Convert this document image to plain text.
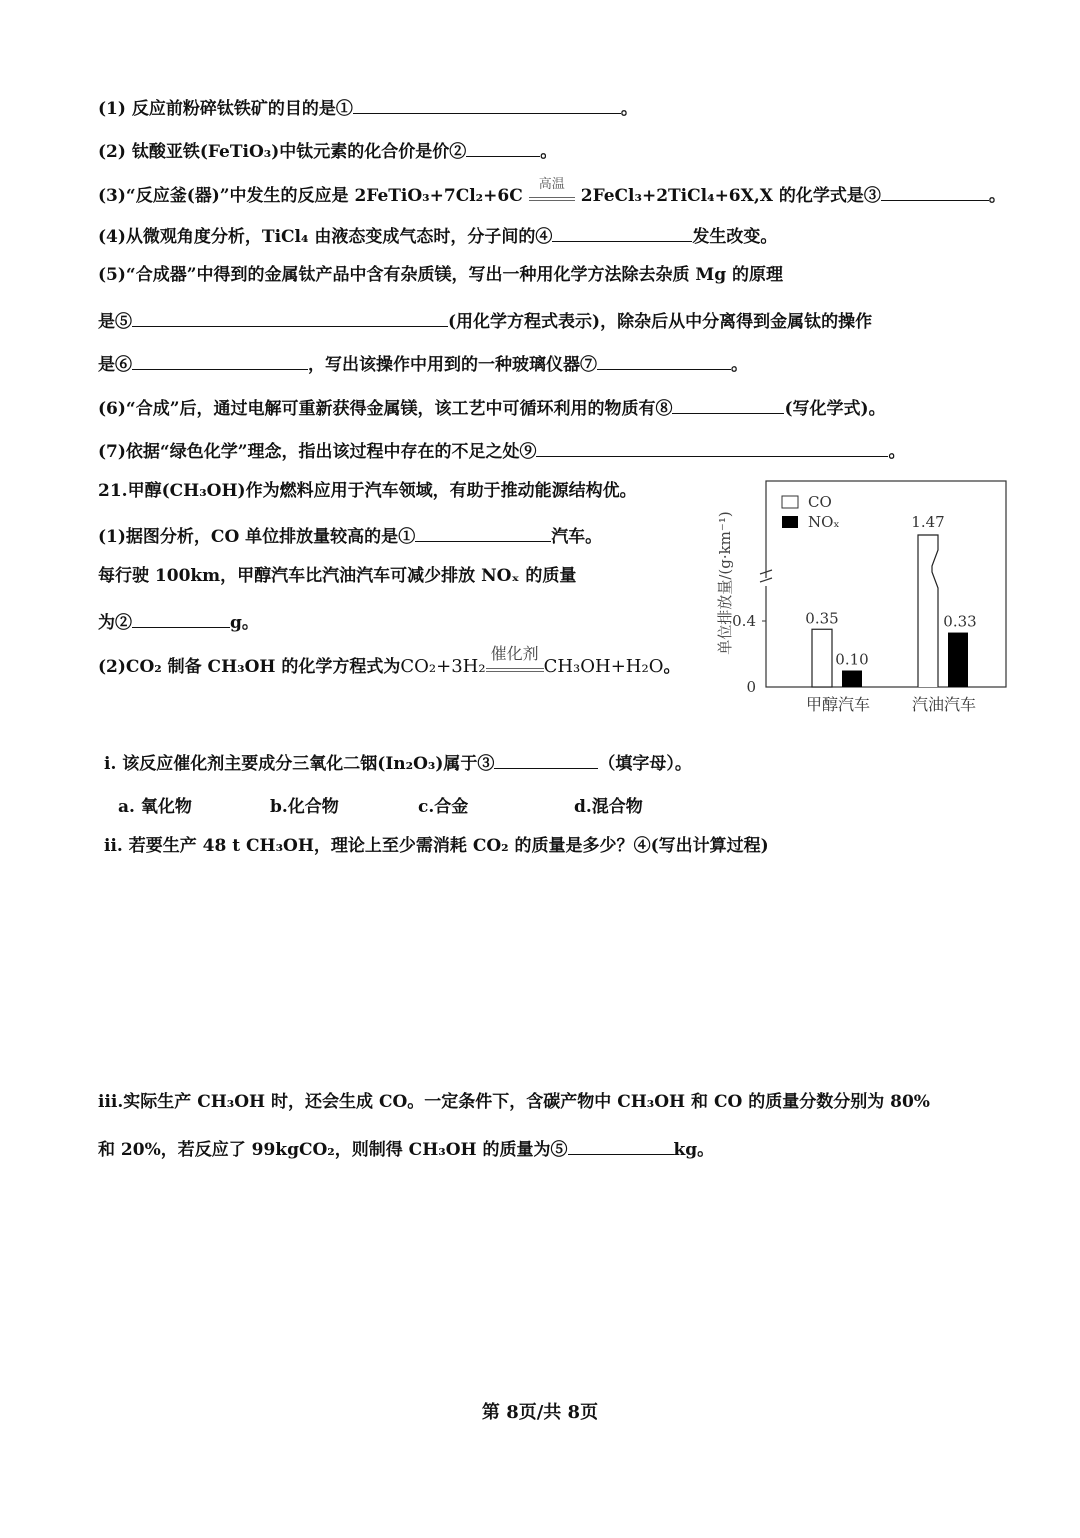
(1) 反应前粉碎钛铁矿的目的是①	。
(2) 钛酸亚铁(FeTiO₃)中钛元素的化合价是价②	。
(3)“反应釜(器)”中发生的反应是 2FeTiO₃+7Cl₂+6C
高温
2FeCl₃+2TiCl₄+6X,X 的化学式是③	。
(4)从微观角度分析，TiCl₄ 由液态变成气态时，分子间的④	发生改变。
(5)“合成器”中得到的金属钛产品中含有杂质镁，写出一种用化学方法除去杂质 Mg 的原理
是⑤	(用化学方程式表示)，除杂后从中分离得到金属钛的操作
是⑥	，写出该操作中用到的一种玻璃仪器⑦	。
(6)“合成”后，通过电解可重新获得金属镁，该工艺中可循环利用的物质有⑧	(写化学式)。
(7)依据“绿色化学”理念，指出该过程中存在的不足之处⑨	。
21.甲醇(CH₃OH)作为燃料应用于汽车领域，有助于推动能源结构优。
(1)据图分析，CO 单位排放量较高的是①	汽车。
每行驶 100km，甲醇汽车比汽油汽车可减少排放 NOₓ 的质量
为②	g。
(2)CO₂ 制备 CH₃OH 的化学方程式为CO₂+3H₂
催化剂
CH₃OH+H₂O。
0.4
0
单位排放量/(g·km⁻¹)
CO
NOₓ
0.35
0.10
1.47
0.33
甲醇汽车	汽油汽车
ⅰ. 该反应催化剂主要成分三氧化二铟(In₂O₃)属于③	（填字母）。
a. 氧化物	b.化合物	c.合金	d.混合物
ⅱ. 若要生产 48 t CH₃OH，理论上至少需消耗 CO₂ 的质量是多少？④(写出计算过程)
ⅲ.实际生产 CH₃OH 时，还会生成 CO。一定条件下，含碳产物中 CH₃OH 和 CO 的质量分数分别为 80%
和 20%，若反应了 99kgCO₂，则制得 CH₃OH 的质量为⑤	kg。
第 8页/共 8页
